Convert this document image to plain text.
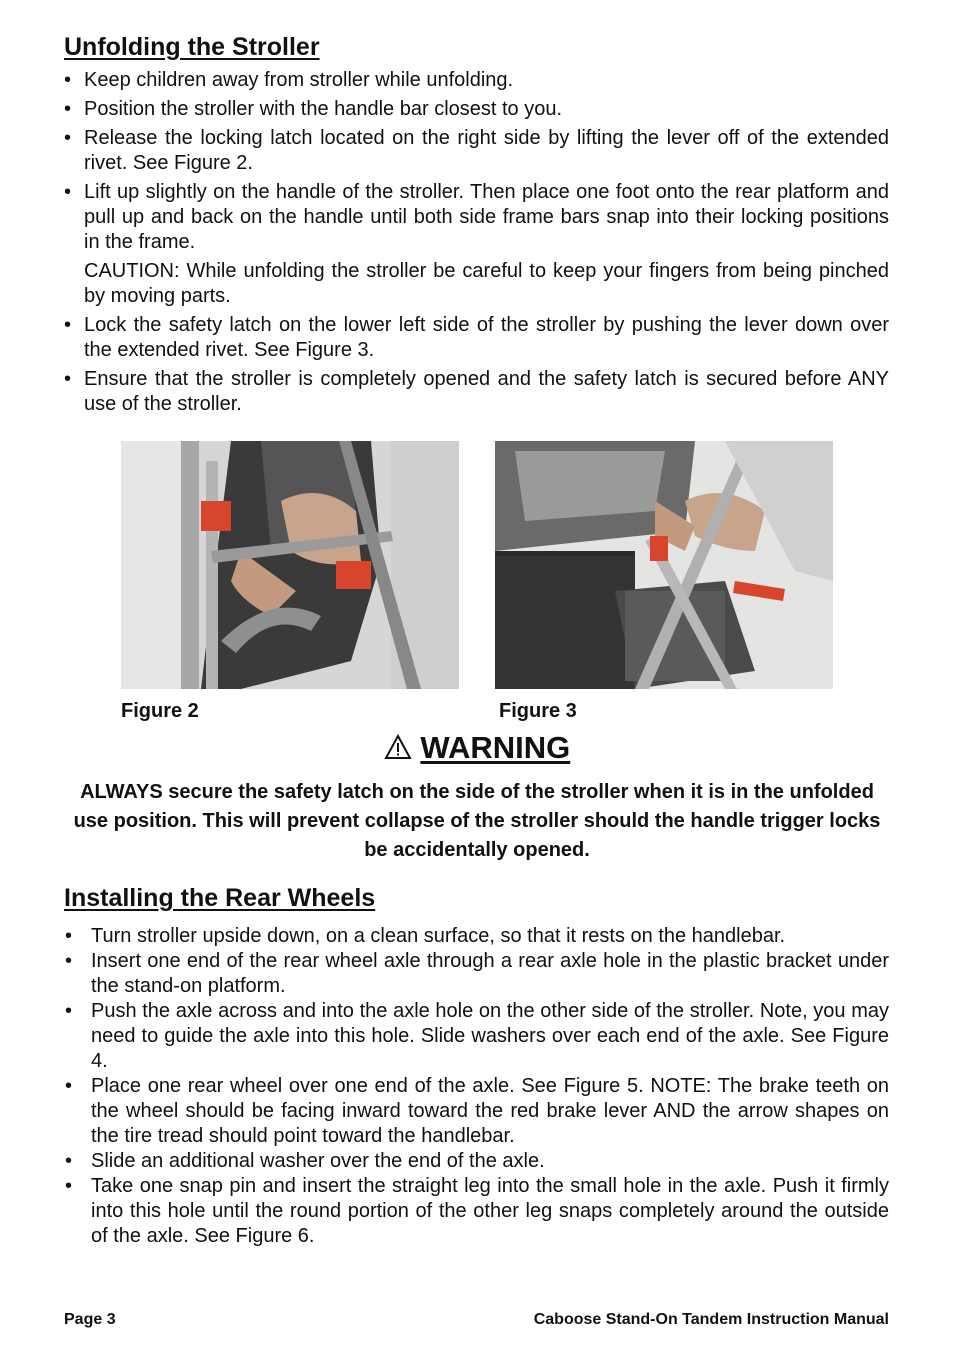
Unfolding the Stroller
• Keep children away from stroller while unfolding.
• Position the stroller with the handle bar closest to you.
• Release the locking latch located on the right side by lifting the lever off of the extended rivet. See Figure 2.
• Lift up slightly on the handle of the stroller. Then place one foot onto the rear platform and pull up and back on the handle until both side frame bars snap into their locking positions in the frame.
CAUTION: While unfolding the stroller be careful to keep your fingers from being pinched by moving parts.
• Lock the safety latch on the lower left side of the stroller by pushing the lever down over the extended rivet. See Figure 3.
• Ensure that the stroller is completely opened and the safety latch is secured before ANY use of the stroller.
Figure 2	Figure 3
WARNING
ALWAYS secure the safety latch on the side of the stroller when it is in the unfolded use position. This will prevent collapse of the stroller should the handle trigger locks be accidentally opened.
Installing the Rear Wheels
• Turn stroller upside down, on a clean surface, so that it rests on the handlebar.
• Insert one end of the rear wheel axle through a rear axle hole in the plastic bracket under the stand-on platform.
• Push the axle across and into the axle hole on the other side of the stroller. Note, you may need to guide the axle into this hole. Slide washers over each end of the axle. See Figure 4.
• Place one rear wheel over one end of the axle. See Figure 5. NOTE: The brake teeth on the wheel should be facing inward toward the red brake lever AND the arrow shapes on the tire tread should point toward the handlebar.
• Slide an additional washer over the end of the axle.
• Take one snap pin and insert the straight leg into the small hole in the axle. Push it firmly into this hole until the round portion of the other leg snaps completely around the outside of the axle. See Figure 6.
Page 3	Caboose Stand-On Tandem Instruction Manual
